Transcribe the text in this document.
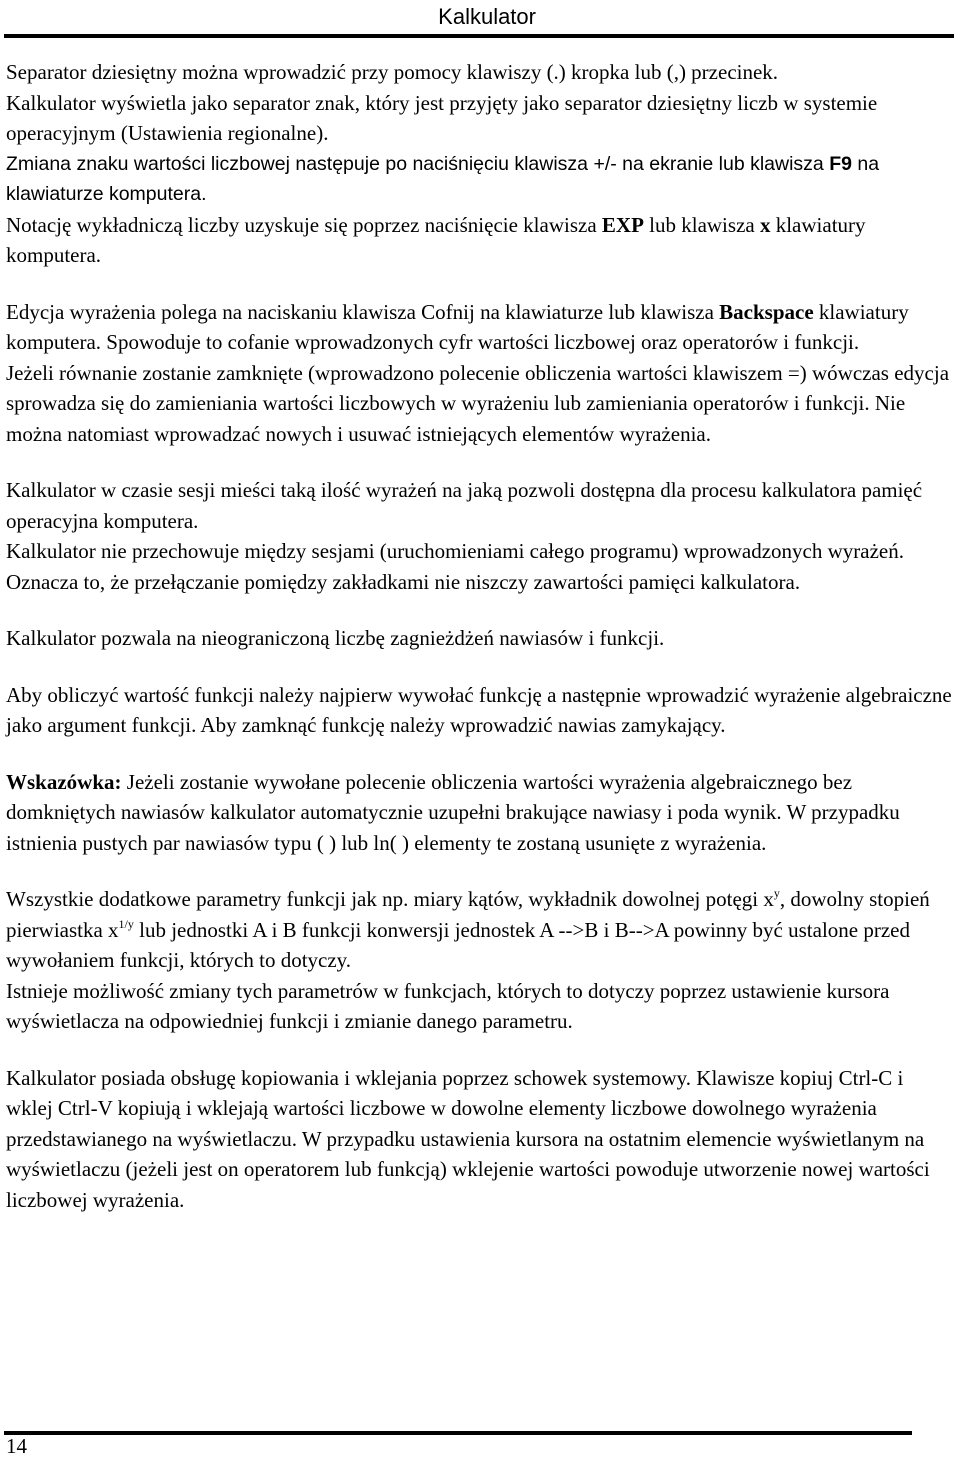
Kalkulator

Separator dziesiętny można wprowadzić przy pomocy klawiszy (.) kropka lub (,) przecinek.

Kalkulator wyświetla jako separator znak, który jest przyjęty jako separator dziesiętny liczb w systemie operacyjnym (Ustawienia regionalne).

Zmiana znaku wartości liczbowej następuje po naciśnięciu klawisza +/- na ekranie lub klawisza F9 na klawiaturze komputera.

Notację wykładniczą liczby uzyskuje się poprzez naciśnięcie klawisza EXP lub klawisza x klawiatury komputera.

Edycja wyrażenia polega na naciskaniu klawisza Cofnij na klawiaturze lub klawisza Backspace klawiatury komputera. Spowoduje to cofanie wprowadzonych cyfr wartości liczbowej oraz operatorów i funkcji.

Jeżeli równanie zostanie zamknięte (wprowadzono polecenie obliczenia wartości klawiszem =) wówczas edycja sprowadza się do zamieniania wartości liczbowych w wyrażeniu lub zamieniania operatorów i funkcji. Nie można natomiast wprowadzać nowych i usuwać istniejących elementów wyrażenia.

Kalkulator w czasie sesji mieści taką ilość wyrażeń na jaką pozwoli dostępna dla procesu kalkulatora pamięć operacyjna komputera.

Kalkulator nie przechowuje między sesjami (uruchomieniami całego programu) wprowadzonych wyrażeń. Oznacza to, że przełączanie pomiędzy zakładkami nie niszczy zawartości pamięci kalkulatora.

Kalkulator pozwala na nieograniczoną liczbę zagnieżdżeń nawiasów i funkcji.

Aby obliczyć wartość funkcji należy najpierw wywołać funkcję a następnie wprowadzić wyrażenie algebraiczne jako argument funkcji. Aby zamknąć funkcję należy wprowadzić nawias zamykający.

Wskazówka: Jeżeli zostanie wywołane polecenie obliczenia wartości wyrażenia algebraicznego bez domkniętych nawiasów kalkulator automatycznie uzupełni brakujące nawiasy i poda wynik. W przypadku istnienia pustych par nawiasów typu ( ) lub ln( ) elementy te zostaną usunięte z wyrażenia.

Wszystkie dodatkowe parametry funkcji jak np. miary kątów, wykładnik dowolnej potęgi $x^y$, dowolny stopień pierwiastka $x^{1/y}$ lub jednostki A i B funkcji konwersji jednostek A -->B i B-->A powinny być ustalone przed wywołaniem funkcji, których to dotyczy.

Istnieje możliwość zmiany tych parametrów w funkcjach, których to dotyczy poprzez ustawienie kursora wyświetlacza na odpowiedniej funkcji i zmianie danego parametru.

Kalkulator posiada obsługę kopiowania i wklejania poprzez schowek systemowy. Klawisze kopiuj Ctrl-C i wklej Ctrl-V kopiują i wklejają wartości liczbowe w dowolne elementy liczbowe dowolnego wyrażenia przedstawianego na wyświetlaczu. W przypadku ustawienia kursora na ostatnim elemencie wyświetlanym na wyświetlaczu (jeżeli jest on operatorem lub funkcją) wklejenie wartości powoduje utworzenie nowej wartości liczbowej wyrażenia.

14
